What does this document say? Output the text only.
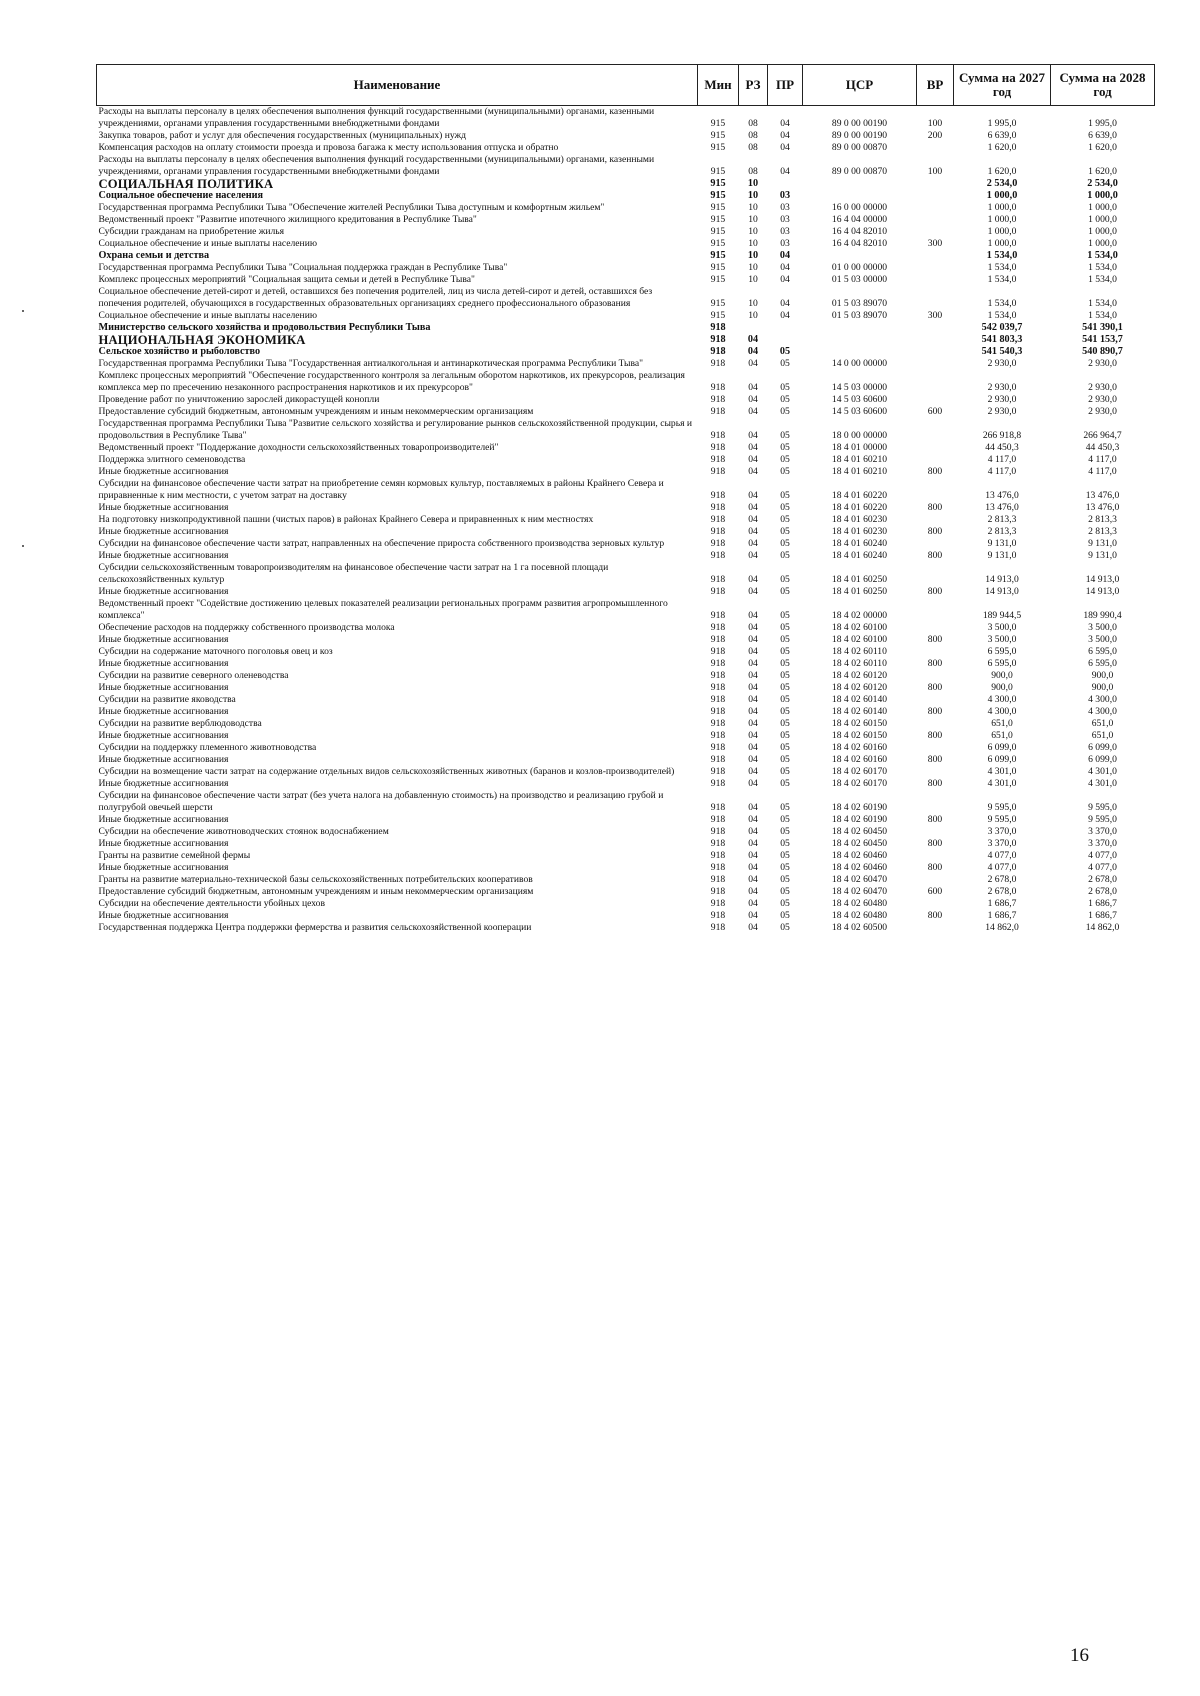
Наименование	Мин	РЗ	ПР	ЦСР	ВР	Сумма на 2027 год	Сумма на 2028 год
Расходы на выплаты персоналу в целях обеспечения выполнения функций государственными (муниципальными) органами, казенными учреждениями, органами управления государственными внебюджетными фондами	915	08	04	89 0 00 00190	100	1 995,0	1 995,0
Закупка товаров, работ и услуг для обеспечения государственных (муниципальных) нужд	915	08	04	89 0 00 00190	200	6 639,0	6 639,0
Компенсация расходов на оплату стоимости проезда и провоза багажа к месту использования отпуска и обратно	915	08	04	89 0 00 00870		1 620,0	1 620,0
Расходы на выплаты персоналу в целях обеспечения выполнения функций государственными (муниципальными) органами, казенными учреждениями, органами управления государственными внебюджетными фондами	915	08	04	89 0 00 00870	100	1 620,0	1 620,0
СОЦИАЛЬНАЯ ПОЛИТИКА	915	10				2 534,0	2 534,0
Социальное обеспечение населения	915	10	03			1 000,0	1 000,0
Государственная программа Республики Тыва "Обеспечение жителей Республики Тыва доступным и комфортным жильем"	915	10	03	16 0 00 00000		1 000,0	1 000,0
Ведомственный проект "Развитие ипотечного жилищного кредитования в Республике Тыва"	915	10	03	16 4 04 00000		1 000,0	1 000,0
Субсидии гражданам на приобретение жилья	915	10	03	16 4 04 82010		1 000,0	1 000,0
Социальное обеспечение и иные выплаты населению	915	10	03	16 4 04 82010	300	1 000,0	1 000,0
Охрана семьи и детства	915	10	04			1 534,0	1 534,0
Государственная программа Республики Тыва "Социальная поддержка граждан в Республике Тыва"	915	10	04	01 0 00 00000		1 534,0	1 534,0
Комплекс процессных мероприятий "Социальная защита семьи и детей в Республике Тыва"	915	10	04	01 5 03 00000		1 534,0	1 534,0
Социальное обеспечение детей-сирот и детей, оставшихся без попечения родителей, лиц из числа детей-сирот и детей, оставшихся без попечения родителей, обучающихся в государственных образовательных организациях среднего профессионального образования	915	10	04	01 5 03 89070		1 534,0	1 534,0
Социальное обеспечение и иные выплаты населению	915	10	04	01 5 03 89070	300	1 534,0	1 534,0
Министерство сельского хозяйства и продовольствия Республики Тыва	918					542 039,7	541 390,1
НАЦИОНАЛЬНАЯ ЭКОНОМИКА	918	04				541 803,3	541 153,7
Сельское хозяйство и рыболовство	918	04	05			541 540,3	540 890,7
Государственная программа Республики Тыва "Государственная антиалкогольная и антинаркотическая программа Республики Тыва"	918	04	05	14 0 00 00000		2 930,0	2 930,0
Комплекс процессных мероприятий "Обеспечение государственного контроля за легальным оборотом наркотиков, их прекурсоров, реализация комплекса мер по пресечению незаконного распространения наркотиков и их прекурсоров"	918	04	05	14 5 03 00000		2 930,0	2 930,0
Проведение работ по уничтожению зарослей дикорастущей конопли	918	04	05	14 5 03 60600		2 930,0	2 930,0
Предоставление субсидий бюджетным, автономным учреждениям и иным некоммерческим организациям	918	04	05	14 5 03 60600	600	2 930,0	2 930,0
Государственная программа Республики Тыва "Развитие сельского хозяйства и регулирование рынков сельскохозяйственной продукции, сырья и продовольствия в Республике Тыва"	918	04	05	18 0 00 00000		266 918,8	266 964,7
Ведомственный проект "Поддержание доходности сельскохозяйственных товаропроизводителей"	918	04	05	18 4 01 00000		44 450,3	44 450,3
Поддержка элитного семеноводства	918	04	05	18 4 01 60210		4 117,0	4 117,0
Иные бюджетные ассигнования	918	04	05	18 4 01 60210	800	4 117,0	4 117,0
Субсидии на финансовое обеспечение части затрат на приобретение семян кормовых культур, поставляемых в районы Крайнего Севера и приравненные к ним местности, с учетом затрат на доставку	918	04	05	18 4 01 60220		13 476,0	13 476,0
Иные бюджетные ассигнования	918	04	05	18 4 01 60220	800	13 476,0	13 476,0
На подготовку низкопродуктивной пашни (чистых паров) в районах Крайнего Севера и приравненных к ним местностях	918	04	05	18 4 01 60230		2 813,3	2 813,3
Иные бюджетные ассигнования	918	04	05	18 4 01 60230	800	2 813,3	2 813,3
Субсидии на финансовое обеспечение части затрат, направленных на обеспечение прироста собственного производства зерновых культур	918	04	05	18 4 01 60240		9 131,0	9 131,0
Иные бюджетные ассигнования	918	04	05	18 4 01 60240	800	9 131,0	9 131,0
Субсидии сельскохозяйственным товаропроизводителям на финансовое обеспечение части затрат на 1 га посевной площади сельскохозяйственных культур	918	04	05	18 4 01 60250		14 913,0	14 913,0
Иные бюджетные ассигнования	918	04	05	18 4 01 60250	800	14 913,0	14 913,0
Ведомственный проект "Содействие достижению целевых показателей реализации региональных программ развития агропромышленного комплекса"	918	04	05	18 4 02 00000		189 944,5	189 990,4
Обеспечение расходов на поддержку собственного производства молока	918	04	05	18 4 02 60100		3 500,0	3 500,0
Иные бюджетные ассигнования	918	04	05	18 4 02 60100	800	3 500,0	3 500,0
Субсидии на содержание маточного поголовья овец и коз	918	04	05	18 4 02 60110		6 595,0	6 595,0
Иные бюджетные ассигнования	918	04	05	18 4 02 60110	800	6 595,0	6 595,0
Субсидии на развитие северного оленеводства	918	04	05	18 4 02 60120		900,0	900,0
Иные бюджетные ассигнования	918	04	05	18 4 02 60120	800	900,0	900,0
Субсидии на развитие яководства	918	04	05	18 4 02 60140		4 300,0	4 300,0
Иные бюджетные ассигнования	918	04	05	18 4 02 60140	800	4 300,0	4 300,0
Субсидии на развитие верблюдоводства	918	04	05	18 4 02 60150		651,0	651,0
Иные бюджетные ассигнования	918	04	05	18 4 02 60150	800	651,0	651,0
Субсидии на поддержку племенного животноводства	918	04	05	18 4 02 60160		6 099,0	6 099,0
Иные бюджетные ассигнования	918	04	05	18 4 02 60160	800	6 099,0	6 099,0
Субсидии на возмещение части затрат на содержание отдельных видов сельскохозяйственных животных (баранов и козлов-производителей)	918	04	05	18 4 02 60170		4 301,0	4 301,0
Иные бюджетные ассигнования	918	04	05	18 4 02 60170	800	4 301,0	4 301,0
Субсидии на финансовое обеспечение части затрат (без учета налога на добавленную стоимость) на производство и реализацию грубой и полугрубой овечьей шерсти	918	04	05	18 4 02 60190		9 595,0	9 595,0
Иные бюджетные ассигнования	918	04	05	18 4 02 60190	800	9 595,0	9 595,0
Субсидии на обеспечение животноводческих стоянок водоснабжением	918	04	05	18 4 02 60450		3 370,0	3 370,0
Иные бюджетные ассигнования	918	04	05	18 4 02 60450	800	3 370,0	3 370,0
Гранты на развитие семейной фермы	918	04	05	18 4 02 60460		4 077,0	4 077,0
Иные бюджетные ассигнования	918	04	05	18 4 02 60460	800	4 077,0	4 077,0
Гранты на развитие материально-технической базы сельскохозяйственных потребительских кооперативов	918	04	05	18 4 02 60470		2 678,0	2 678,0
Предоставление субсидий бюджетным, автономным учреждениям и иным некоммерческим организациям	918	04	05	18 4 02 60470	600	2 678,0	2 678,0
Субсидии на обеспечение деятельности убойных цехов	918	04	05	18 4 02 60480		1 686,7	1 686,7
Иные бюджетные ассигнования	918	04	05	18 4 02 60480	800	1 686,7	1 686,7
Государственная поддержка Центра поддержки фермерства и развития сельскохозяйственной кооперации	918	04	05	18 4 02 60500		14 862,0	14 862,0
16
